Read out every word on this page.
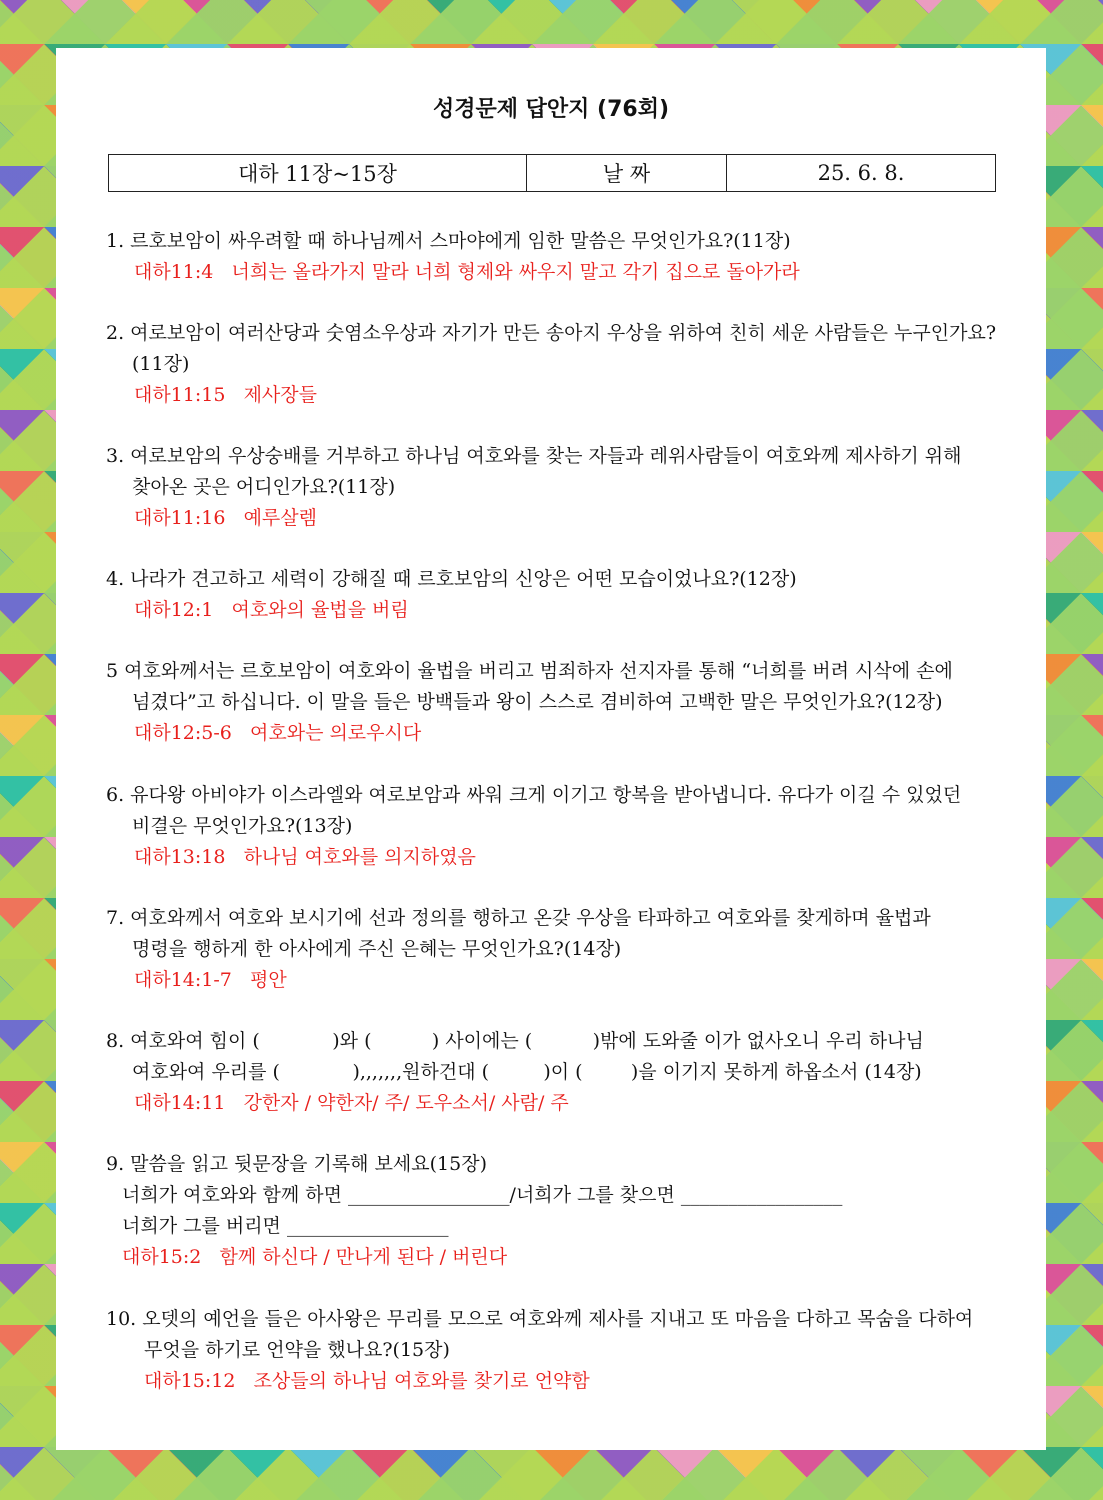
성경문제 답안지 (76회)
대하 11장~15장	날 짜	25. 6. 8.
1. 르호보암이 싸우려할 때 하나님께서 스마야에게 임한 말씀은 무엇인가요?(11장)
대하11:4   너희는 올라가지 말라 너희 형제와 싸우지 말고 각기 집으로 돌아가라
2. 여로보암이 여러산당과 숫염소우상과 자기가 만든 송아지 우상을 위하여 친히 세운 사람들은 누구인가요?
(11장)
대하11:15   제사장들
3. 여로보암의 우상숭배를 거부하고 하나님 여호와를 찾는 자들과 레위사람들이 여호와께 제사하기 위해
찾아온 곳은 어디인가요?(11장)
대하11:16   예루살렘
4. 나라가 견고하고 세력이 강해질 때 르호보암의 신앙은 어떤 모습이었나요?(12장)
대하12:1   여호와의 율법을 버림
5 여호와께서는 르호보암이 여호와이 율법을 버리고 범죄하자 선지자를 통해 “너희를 버려 시삭에 손에
넘겼다”고 하십니다. 이 말을 들은 방백들과 왕이 스스로 겸비하여 고백한 말은 무엇인가요?(12장)
대하12:5-6   여호와는 의로우시다
6. 유다왕 아비야가 이스라엘와 여로보암과 싸워 크게 이기고 항복을 받아냅니다. 유다가 이길 수 있었던
비결은 무엇인가요?(13장)
대하13:18   하나님 여호와를 의지하였음
7. 여호와께서 여호와 보시기에 선과 정의를 행하고 온갖 우상을 타파하고 여호와를 찾게하며 율법과
명령을 행하게 한 아사에게 주신 은혜는 무엇인가요?(14장)
대하14:1-7   평안
8. 여호와여 힘이 (            )와 (          ) 사이에는 (          )밖에 도와줄 이가 없사오니 우리 하나님
여호와여 우리를 (            ),,,,,,,원하건대 (         )이 (        )을 이기지 못하게 하옵소서 (14장)
대하14:11   강한자 / 약한자/ 주/ 도우소서/ 사람/ 주
9. 말씀을 읽고 뒷문장을 기록해 보세요(15장)
너희가 여호와와 함께 하면 _________________/너희가 그를 찾으면 _________________
너희가 그를 버리면 _________________
대하15:2   함께 하신다 / 만나게 된다 / 버린다
10. 오뎃의 예언을 들은 아사왕은 무리를 모으로 여호와께 제사를 지내고 또 마음을 다하고 목숨을 다하여
무엇을 하기로 언약을 했나요?(15장)
대하15:12   조상들의 하나님 여호와를 찾기로 언약함
